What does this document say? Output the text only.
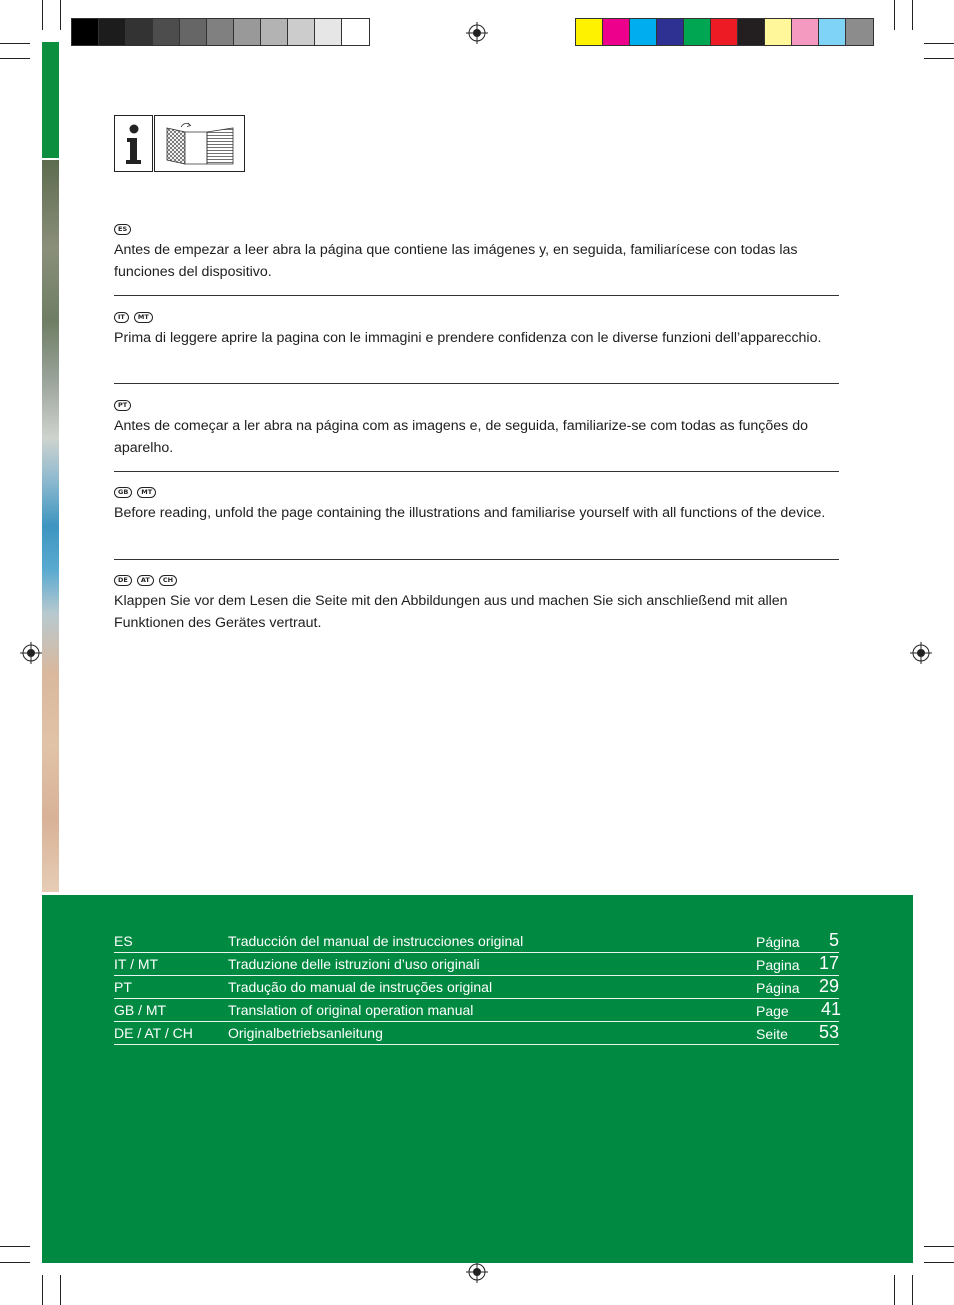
ES

Antes de empezar a leer abra la página que contiene las imágenes y, en seguida, familiarícese con todas las funciones del dispositivo.

IT	MT

Prima di leggere aprire la pagina con le immagini e prendere confidenza con le diverse funzioni dell’apparecchio.

PT

Antes de começar a ler abra na página com as imagens e, de seguida, familiarize-se com todas as funções do aparelho.

GB	MT

Before reading, unfold the page containing the illustrations and familiarise yourself with all functions of the device.

DE	AT	CH

Klappen Sie vor dem Lesen die Seite mit den Abbildungen aus und machen Sie sich anschließend mit allen Funktionen des Gerätes vertraut.

ES	Traducción del manual de instrucciones original	Página 5
IT / MT	Traduzione delle istruzioni d’uso originali	Pagina 17
PT	Tradução do manual de instruções original	Página 29
GB / MT	Translation of original operation manual	Page 41
DE / AT / CH	Originalbetriebsanleitung	Seite 53
